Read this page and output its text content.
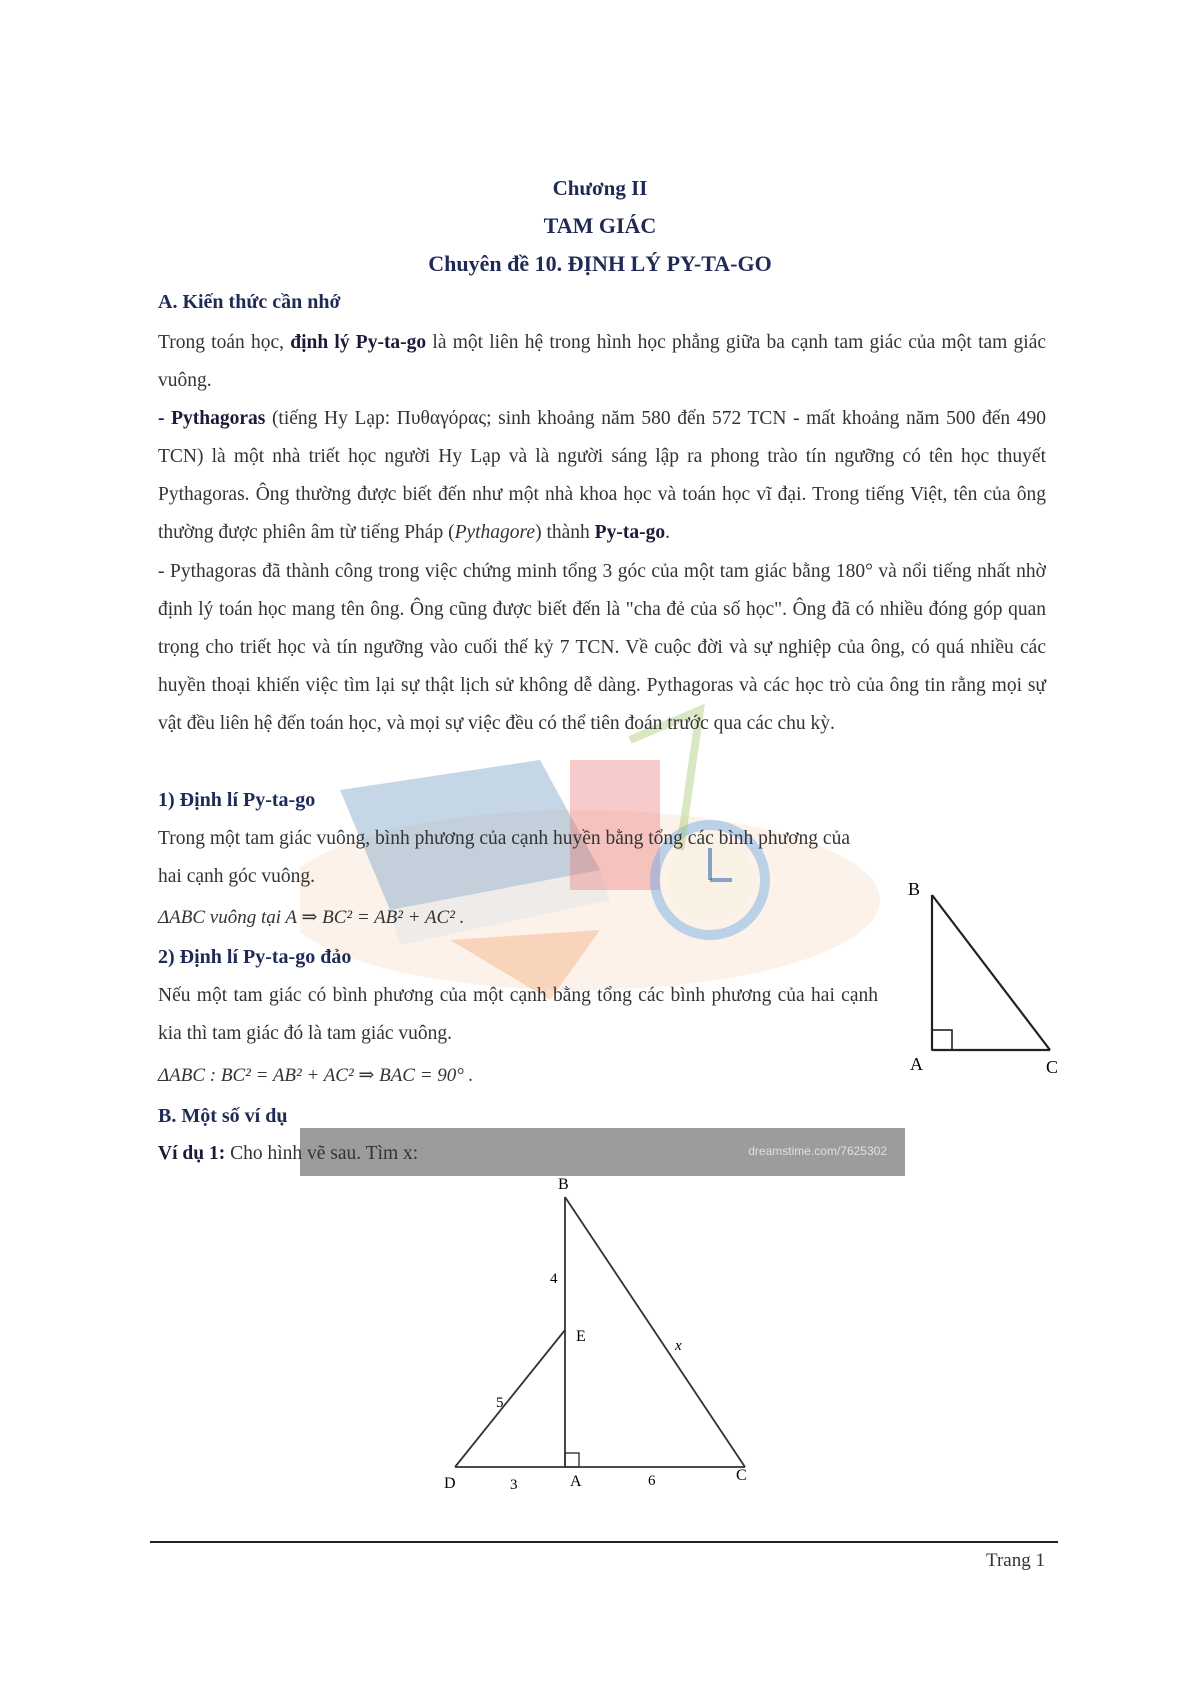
Chương II
TAM GIÁC
Chuyên đề 10. ĐỊNH LÝ PY-TA-GO
A. Kiến thức cần nhớ
Trong toán học, định lý Py-ta-go là một liên hệ trong hình học phẳng giữa ba cạnh tam giác của một tam giác vuông.
- Pythagoras (tiếng Hy Lạp: Πυθαγόρας; sinh khoảng năm 580 đến 572 TCN - mất khoảng năm 500 đến 490 TCN) là một nhà triết học người Hy Lạp và là người sáng lập ra phong trào tín ngưỡng có tên học thuyết Pythagoras. Ông thường được biết đến như một nhà khoa học và toán học vĩ đại. Trong tiếng Việt, tên của ông thường được phiên âm từ tiếng Pháp (Pythagore) thành Py-ta-go.
- Pythagoras đã thành công trong việc chứng minh tổng 3 góc của một tam giác bằng 180° và nổi tiếng nhất nhờ định lý toán học mang tên ông. Ông cũng được biết đến là "cha đẻ của số học". Ông đã có nhiều đóng góp quan trọng cho triết học và tín ngưỡng vào cuối thế kỷ 7 TCN. Về cuộc đời và sự nghiệp của ông, có quá nhiều các huyền thoại khiến việc tìm lại sự thật lịch sử không dễ dàng. Pythagoras và các học trò của ông tin rằng mọi sự vật đều liên hệ đến toán học, và mọi sự việc đều có thể tiên đoán trước qua các chu kỳ.
1) Định lí Py-ta-go
Trong một tam giác vuông, bình phương của cạnh huyền bằng tổng các bình phương của hai cạnh góc vuông.
ΔABC vuông tại A ⇒ BC² = AB² + AC² .
2) Định lí Py-ta-go đảo
Nếu một tam giác có bình phương của một cạnh bằng tổng các bình phương của hai cạnh kia thì tam giác đó là tam giác vuông.
ΔABC : BC² = AB² + AC² ⇒ BAC = 90° .
B
A	C
B. Một số ví dụ
dreamstime.com/7625302
Ví dụ 1: Cho hình vẽ sau. Tìm x:
B
E
D	A	C
4
5
3	6
x
Trang 1
